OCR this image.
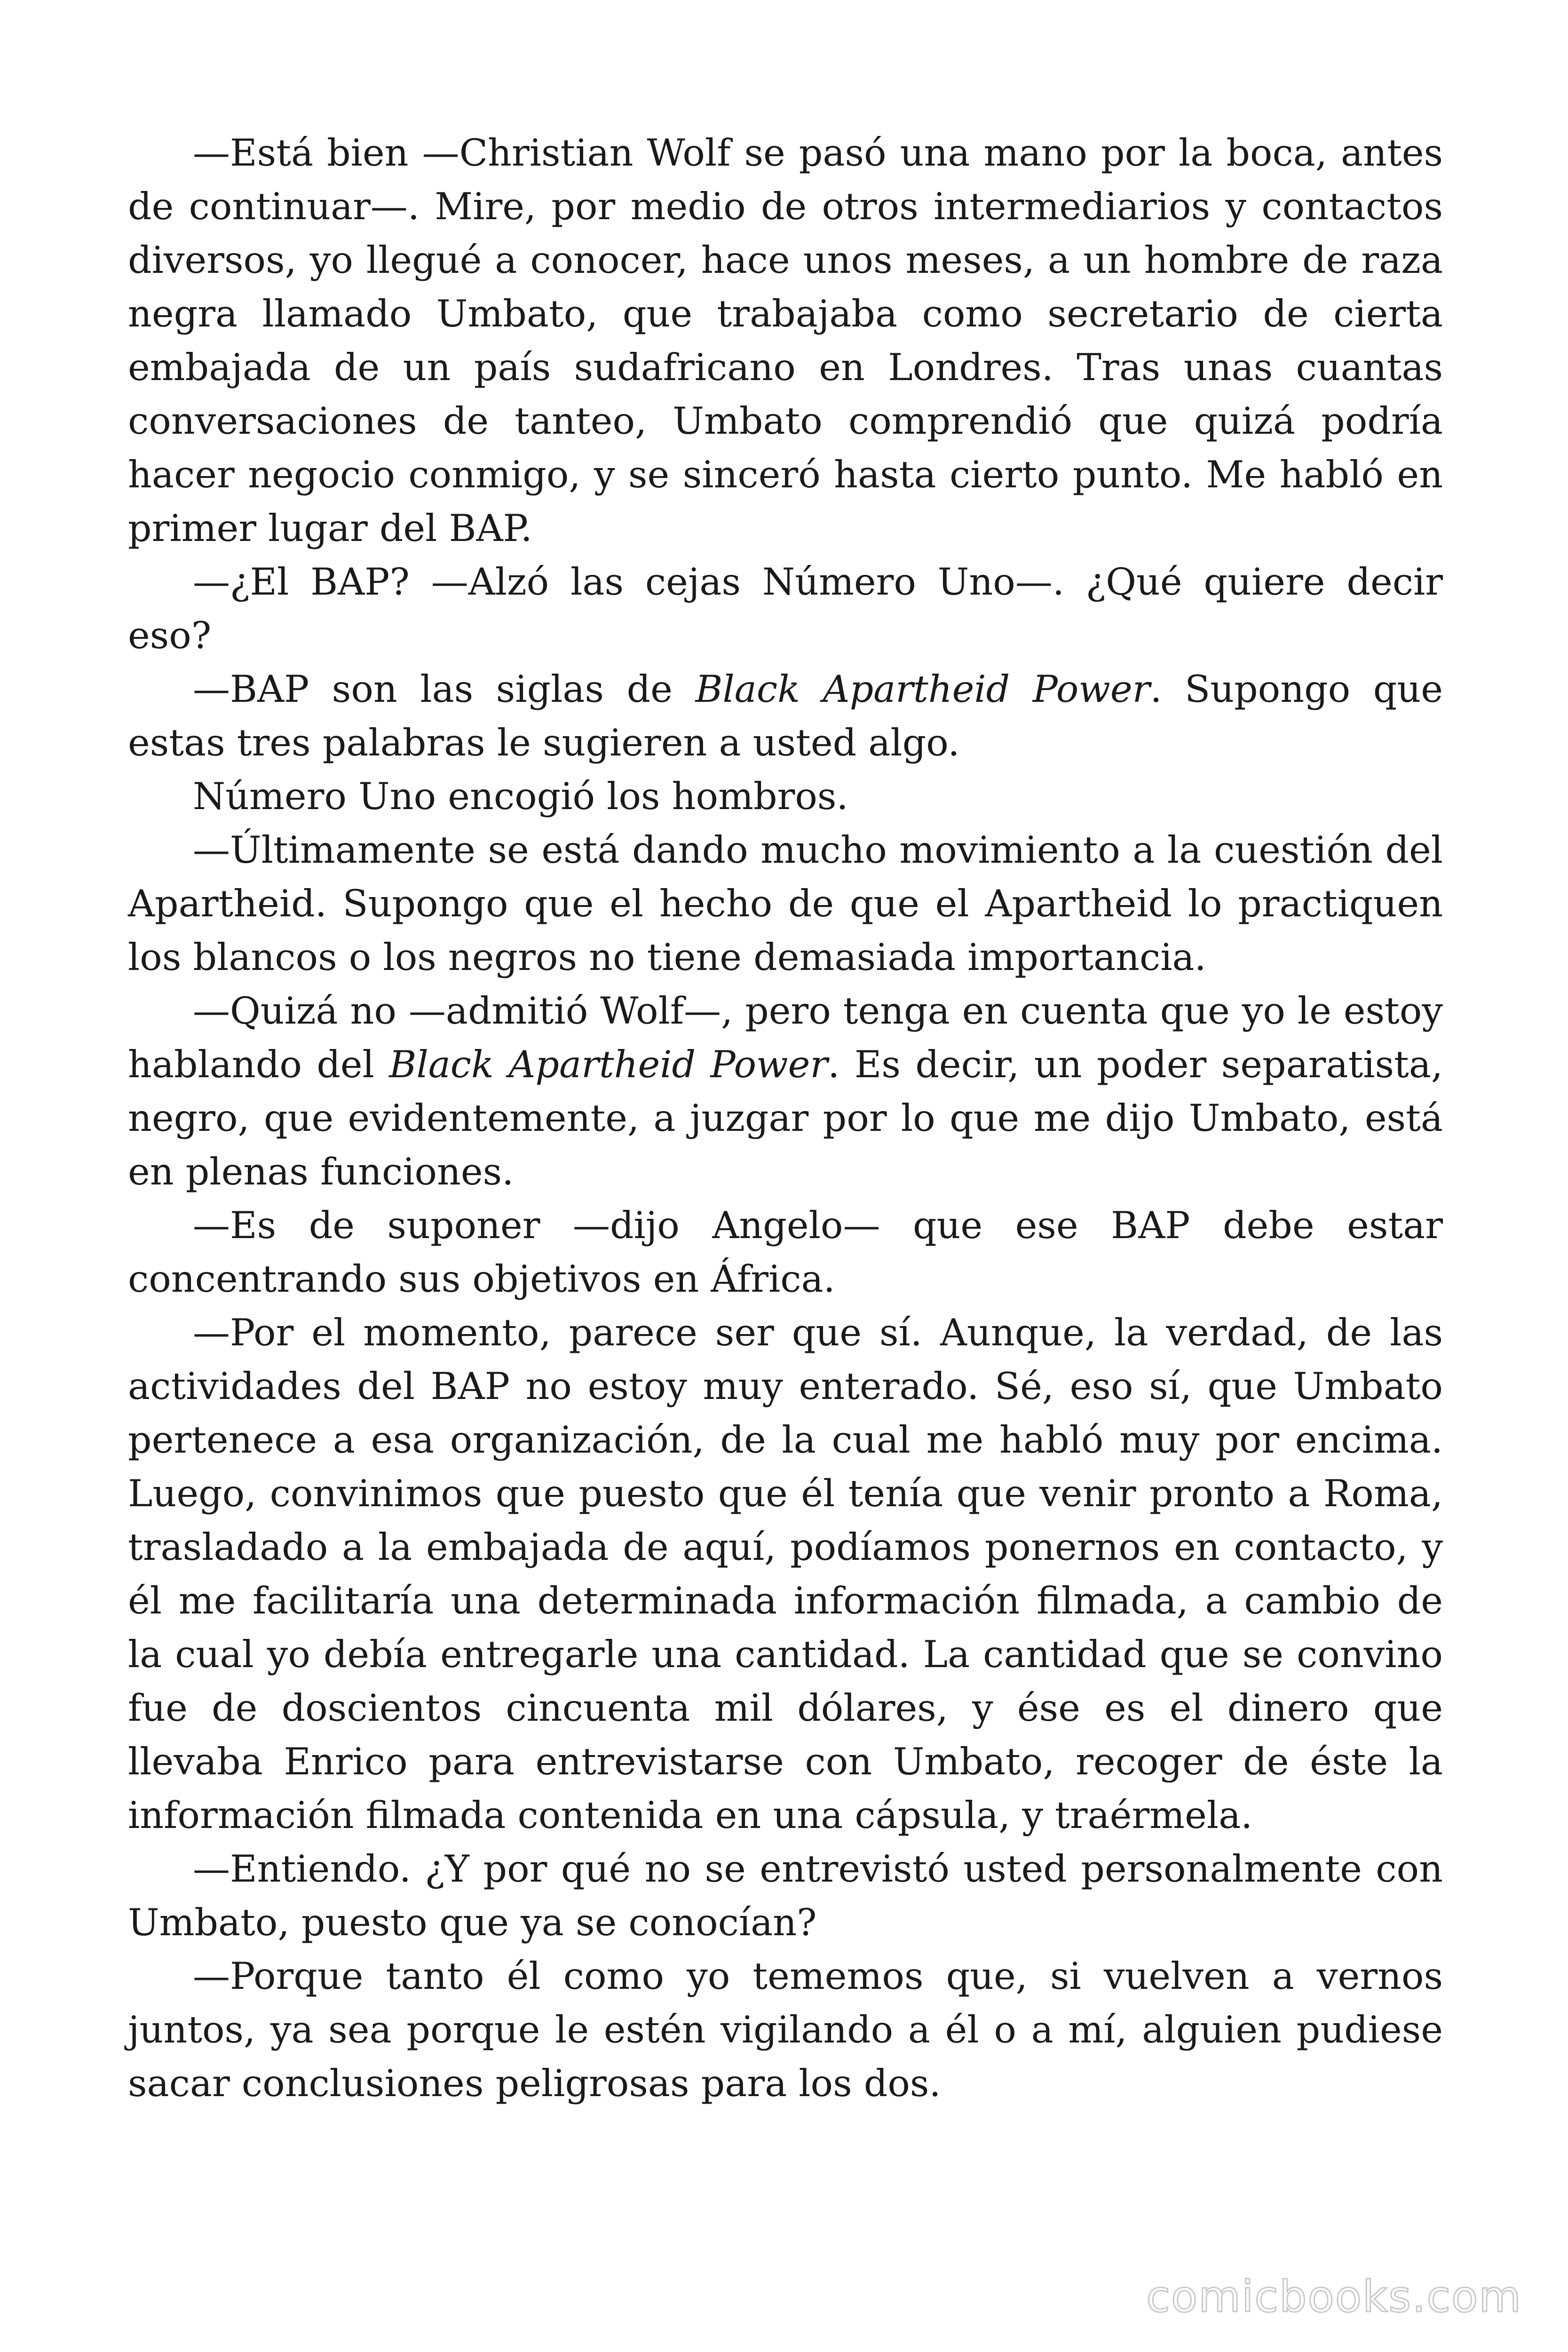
—Está bien —Christian Wolf se pasó una mano por la boca, antes de continuar—. Mire, por medio de otros intermediarios y contactos diversos, yo llegué a conocer, hace unos meses, a un hombre de raza negra llamado Umbato, que trabajaba como secretario de cierta embajada de un país sudafricano en Londres. Tras unas cuantas conversaciones de tanteo, Umbato comprendió que quizá podría hacer negocio conmigo, y se sinceró hasta cierto punto. Me habló en primer lugar del BAP.

—¿El BAP? —Alzó las cejas Número Uno—. ¿Qué quiere decir eso?

—BAP son las siglas de Black Apartheid Power. Supongo que estas tres palabras le sugieren a usted algo.

Número Uno encogió los hombros.

—Últimamente se está dando mucho movimiento a la cuestión del Apartheid. Supongo que el hecho de que el Apartheid lo practiquen los blancos o los negros no tiene demasiada importancia.

—Quizá no —admitió Wolf—, pero tenga en cuenta que yo le estoy hablando del Black Apartheid Power. Es decir, un poder separatista, negro, que evidentemente, a juzgar por lo que me dijo Umbato, está en plenas funciones.

—Es de suponer —dijo Angelo— que ese BAP debe estar concentrando sus objetivos en África.

—Por el momento, parece ser que sí. Aunque, la verdad, de las actividades del BAP no estoy muy enterado. Sé, eso sí, que Umbato pertenece a esa organización, de la cual me habló muy por encima. Luego, convinimos que puesto que él tenía que venir pronto a Roma, trasladado a la embajada de aquí, podíamos ponernos en contacto, y él me facilitaría una determinada información filmada, a cambio de la cual yo debía entregarle una cantidad. La cantidad que se convino fue de doscientos cincuenta mil dólares, y ése es el dinero que llevaba Enrico para entrevistarse con Umbato, recoger de éste la información filmada contenida en una cápsula, y traérmela.

—Entiendo. ¿Y por qué no se entrevistó usted personalmente con Umbato, puesto que ya se conocían?

—Porque tanto él como yo tememos que, si vuelven a vernos juntos, ya sea porque le estén vigilando a él o a mí, alguien pudiese sacar conclusiones peligrosas para los dos.

comicbooks.com
